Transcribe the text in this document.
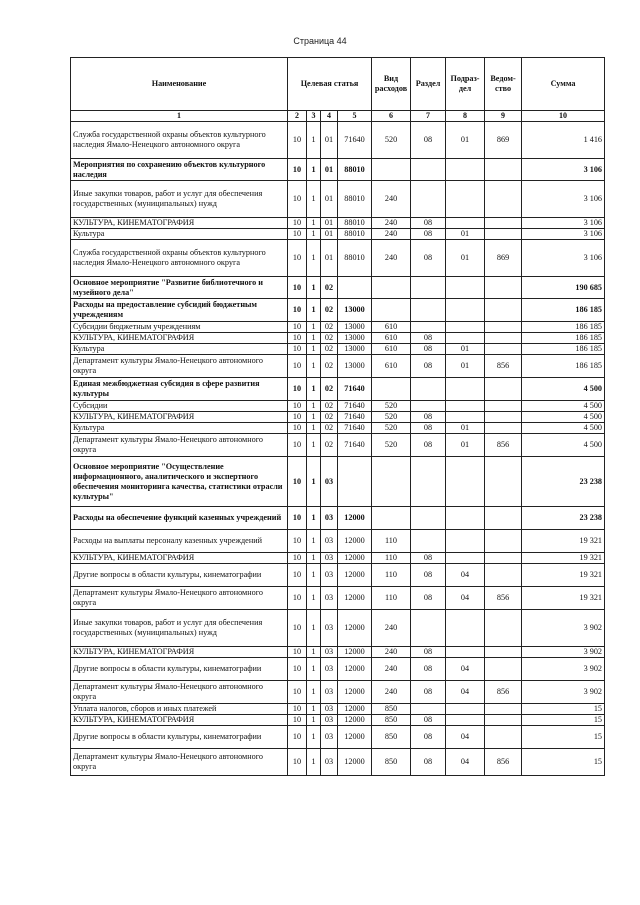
Страница 44
Наименование	Целевая статья				Вид расходов	Раздел	Подраз- дел	Ведом- ство	Сумма
1	2	3	4	5	6	7	8	9	10
Служба государственной охраны объектов культурного наследия Ямало-Ненецкого автономного округа	10	1	01	71640	520	08	01	869	1 416
Мероприятия по сохранению объектов культурного наследия	10	1	01	88010					3 106
Иные закупки товаров, работ и услуг для обеспечения государственных (муниципальных) нужд	10	1	01	88010	240				3 106
КУЛЬТУРА, КИНЕМАТОГРАФИЯ	10	1	01	88010	240	08			3 106
Культура	10	1	01	88010	240	08	01		3 106
Служба государственной охраны объектов культурного наследия Ямало-Ненецкого автономного округа	10	1	01	88010	240	08	01	869	3 106
Основное мероприятие "Развитие библиотечного и музейного дела"	10	1	02						190 685
Расходы на предоставление субсидий бюджетным учреждениям	10	1	02	13000					186 185
Субсидии бюджетным учреждениям	10	1	02	13000	610				186 185
КУЛЬТУРА, КИНЕМАТОГРАФИЯ	10	1	02	13000	610	08			186 185
Культура	10	1	02	13000	610	08	01		186 185
Департамент культуры Ямало-Ненецкого автономного округа	10	1	02	13000	610	08	01	856	186 185
Единая межбюджетная субсидия в сфере развития культуры	10	1	02	71640					4 500
Субсидии	10	1	02	71640	520				4 500
КУЛЬТУРА, КИНЕМАТОГРАФИЯ	10	1	02	71640	520	08			4 500
Культура	10	1	02	71640	520	08	01		4 500
Департамент культуры Ямало-Ненецкого автономного округа	10	1	02	71640	520	08	01	856	4 500
Основное мероприятие "Осуществление информационного, аналитического и экспертного обеспечения мониторинга качества, статистики отрасли культуры"	10	1	03						23 238
Расходы на обеспечение функций казенных учреждений	10	1	03	12000					23 238
Расходы на выплаты персоналу казенных учреждений	10	1	03	12000	110				19 321
КУЛЬТУРА, КИНЕМАТОГРАФИЯ	10	1	03	12000	110	08			19 321
Другие вопросы в области культуры, кинематографии	10	1	03	12000	110	08	04		19 321
Департамент культуры Ямало-Ненецкого автономного округа	10	1	03	12000	110	08	04	856	19 321
Иные закупки товаров, работ и услуг для обеспечения государственных (муниципальных) нужд	10	1	03	12000	240				3 902
КУЛЬТУРА, КИНЕМАТОГРАФИЯ	10	1	03	12000	240	08			3 902
Другие вопросы в области культуры, кинематографии	10	1	03	12000	240	08	04		3 902
Департамент культуры Ямало-Ненецкого автономного округа	10	1	03	12000	240	08	04	856	3 902
Уплата налогов, сборов и иных платежей	10	1	03	12000	850				15
КУЛЬТУРА, КИНЕМАТОГРАФИЯ	10	1	03	12000	850	08			15
Другие вопросы в области культуры, кинематографии	10	1	03	12000	850	08	04		15
Департамент культуры Ямало-Ненецкого автономного округа	10	1	03	12000	850	08	04	856	15
